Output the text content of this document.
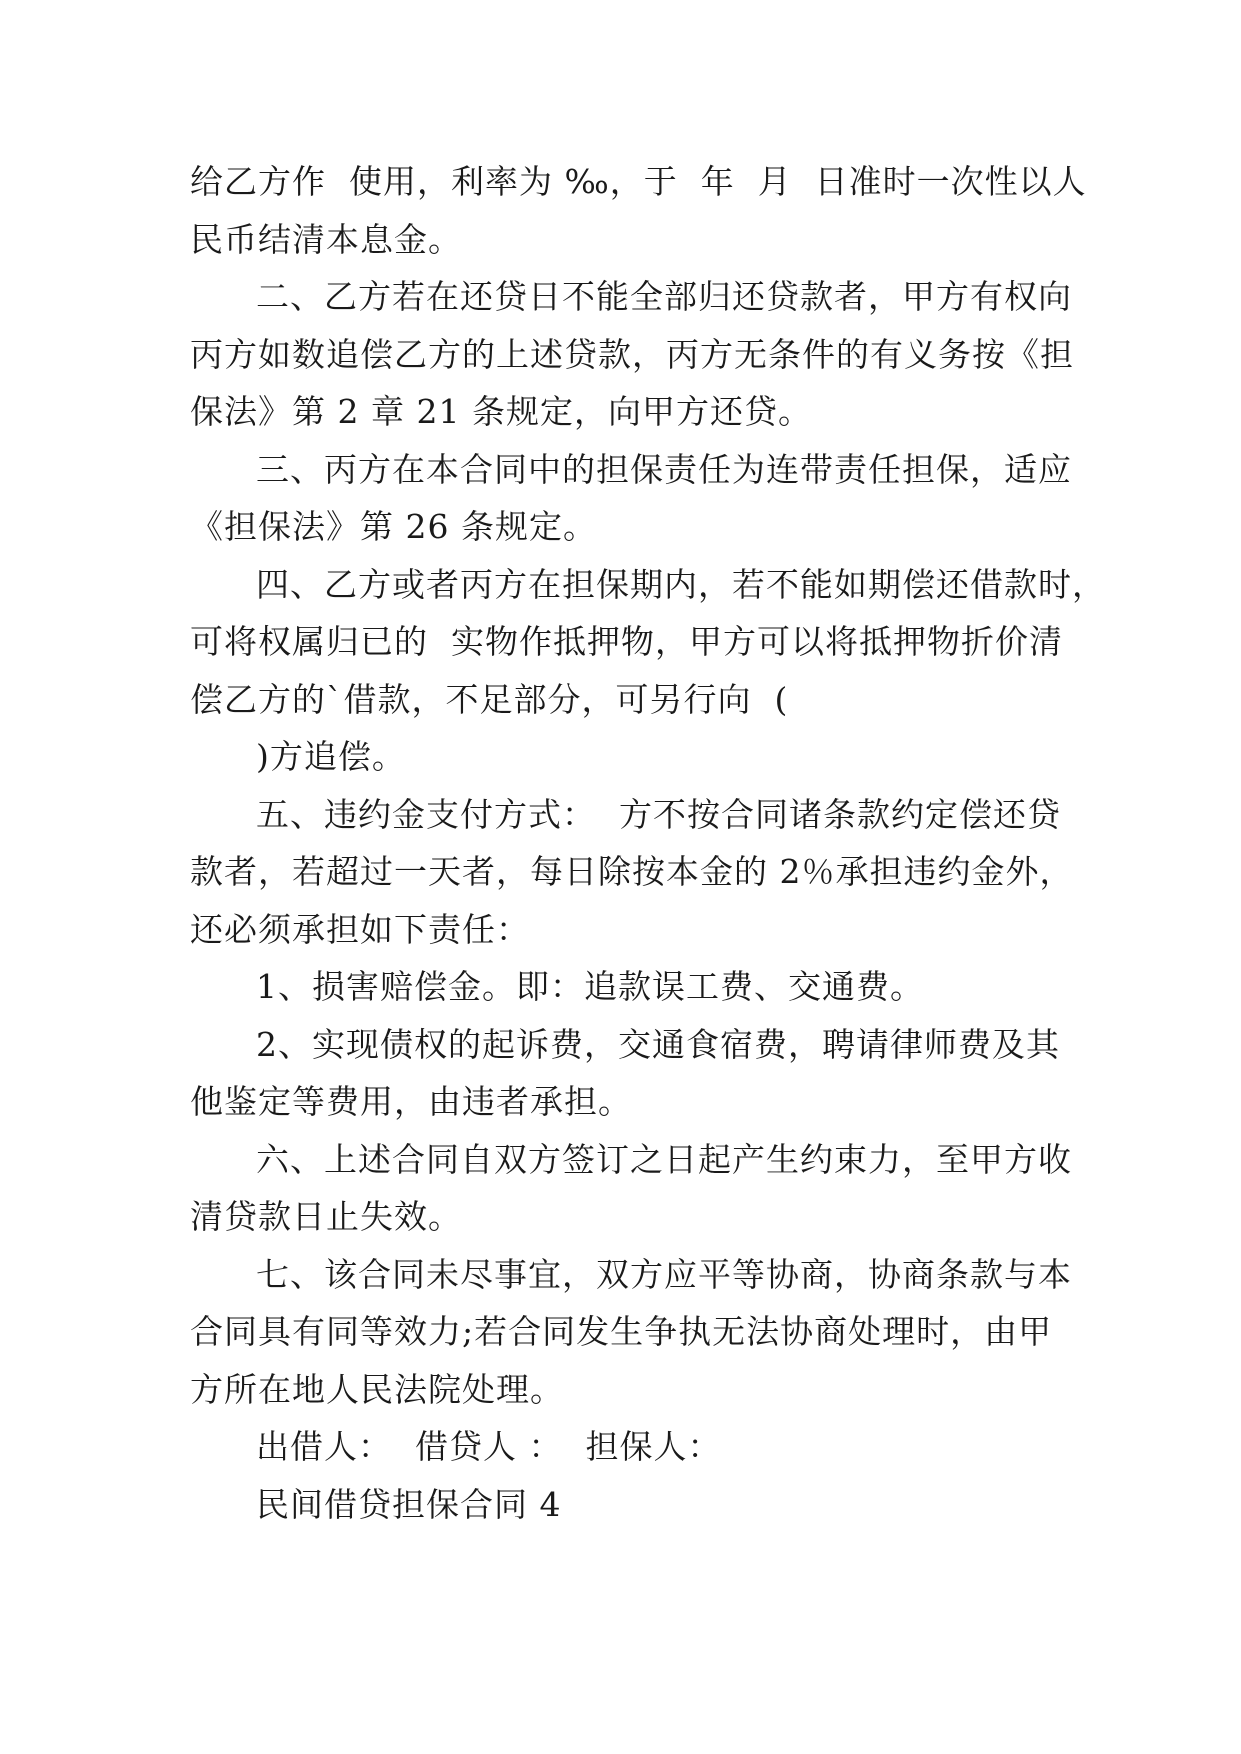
给乙方作  使用，利率为 ‰，于  年  月  日准时一次性以人
民币结清本息金。
二、乙方若在还贷日不能全部归还贷款者，甲方有权向
丙方如数追偿乙方的上述贷款，丙方无条件的有义务按《担
保法》第 2 章 21 条规定，向甲方还贷。
三、丙方在本合同中的担保责任为连带责任担保，适应
《担保法》第 26 条规定。
四、乙方或者丙方在担保期内，若不能如期偿还借款时，
可将权属归已的  实物作抵押物，甲方可以将抵押物折价清
偿乙方的`借款，不足部分，可另行向  (
)方追偿。
五、违约金支付方式：  方不按合同诸条款约定偿还贷
款者，若超过一天者，每日除按本金的 2％承担违约金外，
还必须承担如下责任：
1、损害赔偿金。即：追款误工费、交通费。
2、实现债权的起诉费，交通食宿费，聘请律师费及其
他鉴定等费用，由违者承担。
六、上述合同自双方签订之日起产生约束力，至甲方收
清贷款日止失效。
七、该合同未尽事宜，双方应平等协商，协商条款与本
合同具有同等效力;若合同发生争执无法协商处理时，由甲
方所在地人民法院处理。
出借人：  借贷人 ：  担保人：
民间借贷担保合同 4
